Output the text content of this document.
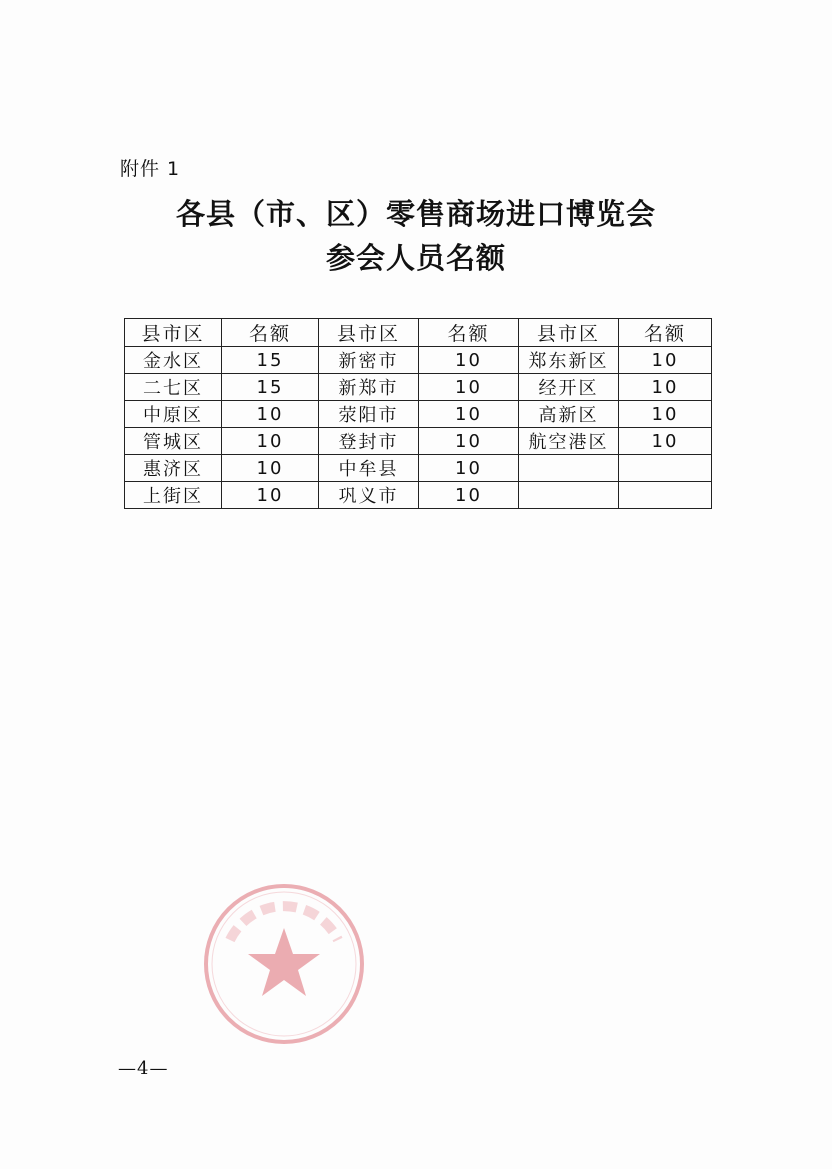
附件 1
各县（市、区）零售商场进口博览会
参会人员名额
县市区	名额	县市区	名额	县市区	名额
金水区	15	新密市	10	郑东新区	10
二七区	15	新郑市	10	经开区	10
中原区	10	荥阳市	10	高新区	10
管城区	10	登封市	10	航空港区	10
惠济区	10	中牟县	10		
上街区	10	巩义市	10		
—4—
